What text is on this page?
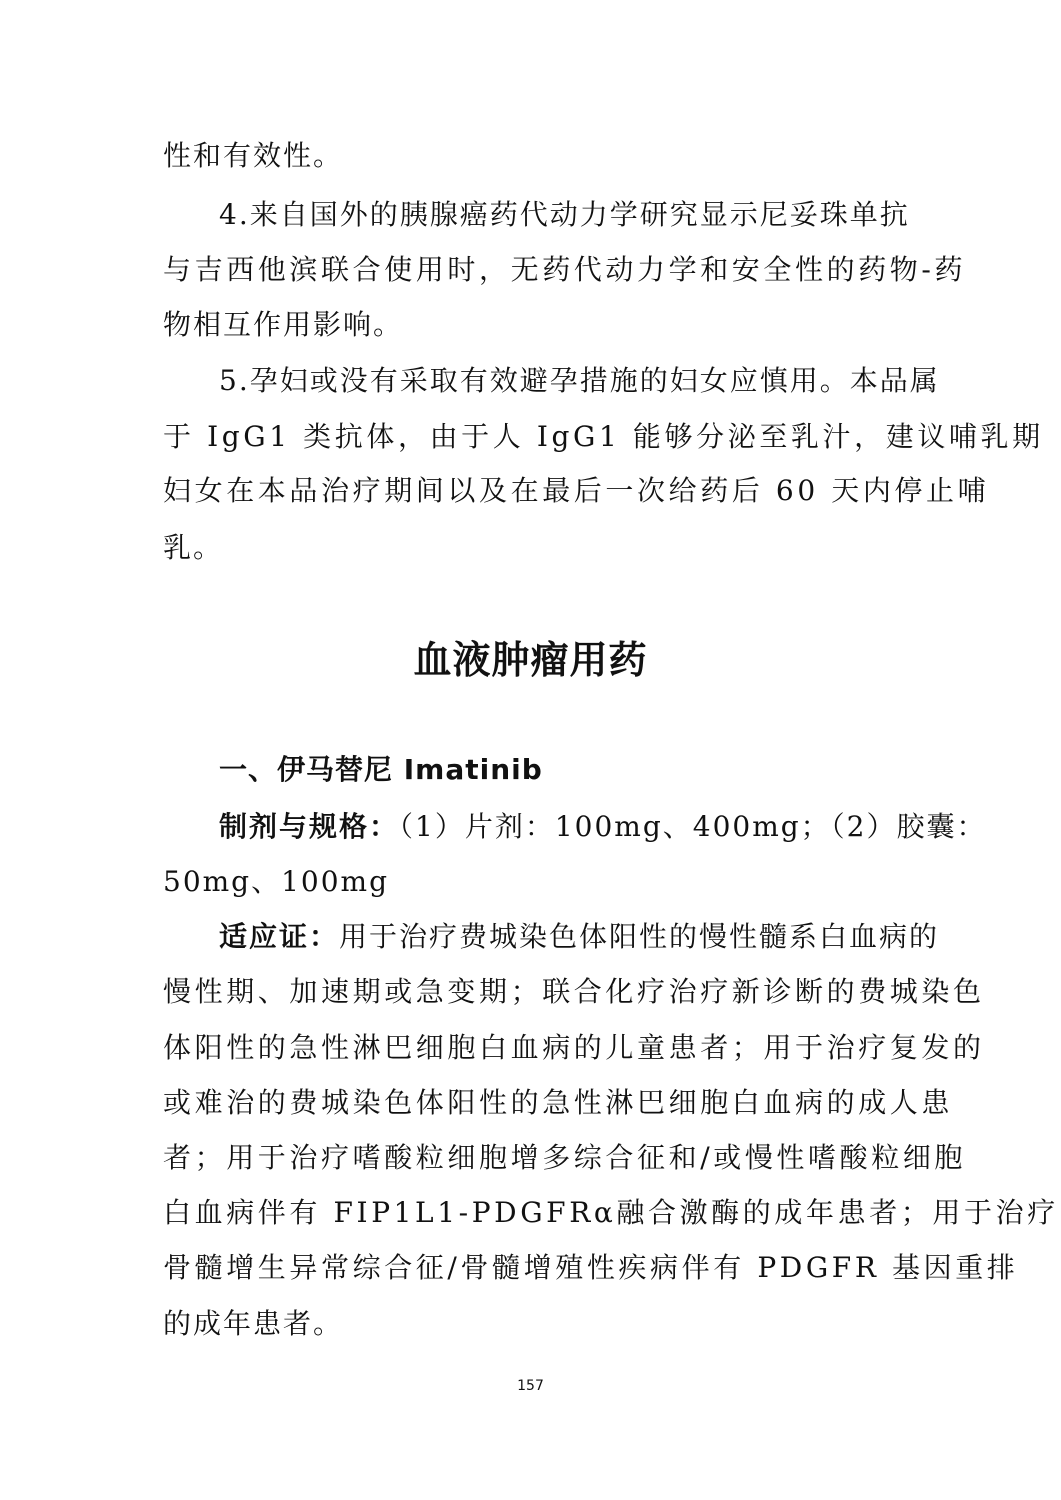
性和有效性。
4.来自国外的胰腺癌药代动力学研究显示尼妥珠单抗
与吉西他滨联合使用时，无药代动力学和安全性的药物-药
物相互作用影响。
5.孕妇或没有采取有效避孕措施的妇女应慎用。本品属
于 IgG1 类抗体，由于人 IgG1 能够分泌至乳汁，建议哺乳期
妇女在本品治疗期间以及在最后一次给药后 60 天内停止哺
乳。
血液肿瘤用药
一、伊马替尼 Imatinib
制剂与规格：（1）片剂：100mg、400mg；（2）胶囊：
50mg、100mg
适应证：用于治疗费城染色体阳性的慢性髓系白血病的
慢性期、加速期或急变期；联合化疗治疗新诊断的费城染色
体阳性的急性淋巴细胞白血病的儿童患者；用于治疗复发的
或难治的费城染色体阳性的急性淋巴细胞白血病的成人患
者；用于治疗嗜酸粒细胞增多综合征和/或慢性嗜酸粒细胞
白血病伴有 FIP1L1-PDGFRα融合激酶的成年患者；用于治疗
骨髓增生异常综合征/骨髓增殖性疾病伴有 PDGFR 基因重排
的成年患者。
157
